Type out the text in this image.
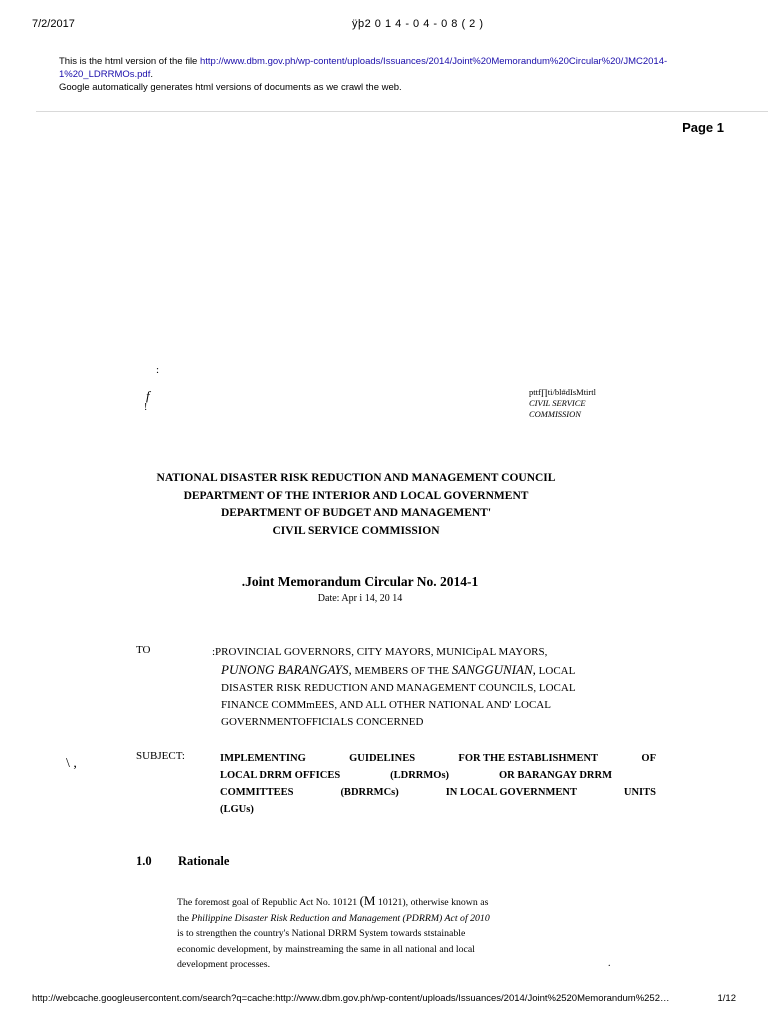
7/2/2017	ÿþ2 0 1 4 - 0 4 - 0 8 ( 2 )
This is the html version of the file http://www.dbm.gov.ph/wp-content/uploads/Issuances/2014/Joint%20Memorandum%20Circular%20/JMC2014-
1%20_LDRRMOs.pdf.
Google automatically generates html versions of documents as we crawl the web.
Page 1
:
f
!
pttf∏ti/bl#dIsMtirtl
CIVIL SERVICE
COMMISSION
NATIONAL DISASTER RISK REDUCTION AND MANAGEMENT COUNCIL
DEPARTMENT OF THE INTERIOR AND LOCAL GOVERNMENT
DEPARTMENT OF BUDGET AND MANAGEMENT'
CIVIL SERVICE COMMISSION
.Joint Memorandum Circular No. 2014-1
Date: Apr i 14, 20 14
TO	:PROVINCIAL GOVERNORS, CITY MAYORS, MUNICipAL MAYORS,
PUNONG BARANGAYS, MEMBERS OF THE SANGGUNIAN, LOCAL
DISASTER RISK REDUCTION AND MANAGEMENT COUNCILS, LOCAL
FINANCE COMMmEES, AND ALL OTHER NATIONAL AND' LOCAL
GOVERNMENTOFFICIALS CONCERNED
\ ,	SUBJECT:	IMPLEMENTING	GUIDELINES	FOR THE ESTABLISHMENT	OF
LOCAL DRRM OFFICES	(LDRRMOs)	OR BARANGAY DRRM
COMMITTEES	(BDRRMCs)	IN LOCAL GOVERNMENT	UNITS
(LGUs)
1.0 Rationale
The foremost goal of Republic Act No. 10121 (M 10121), otherwise known as
the Philippine Disaster Risk Reduction and Management (PDRRM) Act of 2010
is to strengthen the country's National DRRM System towards ststainable
economic development, by mainstreaming the same in all national and local
development processes.	.
http://webcache.googleusercontent.com/search?q=cache:http://www.dbm.gov.ph/wp-content/uploads/Issuances/2014/Joint%2520Memorandum%252…	1/12
